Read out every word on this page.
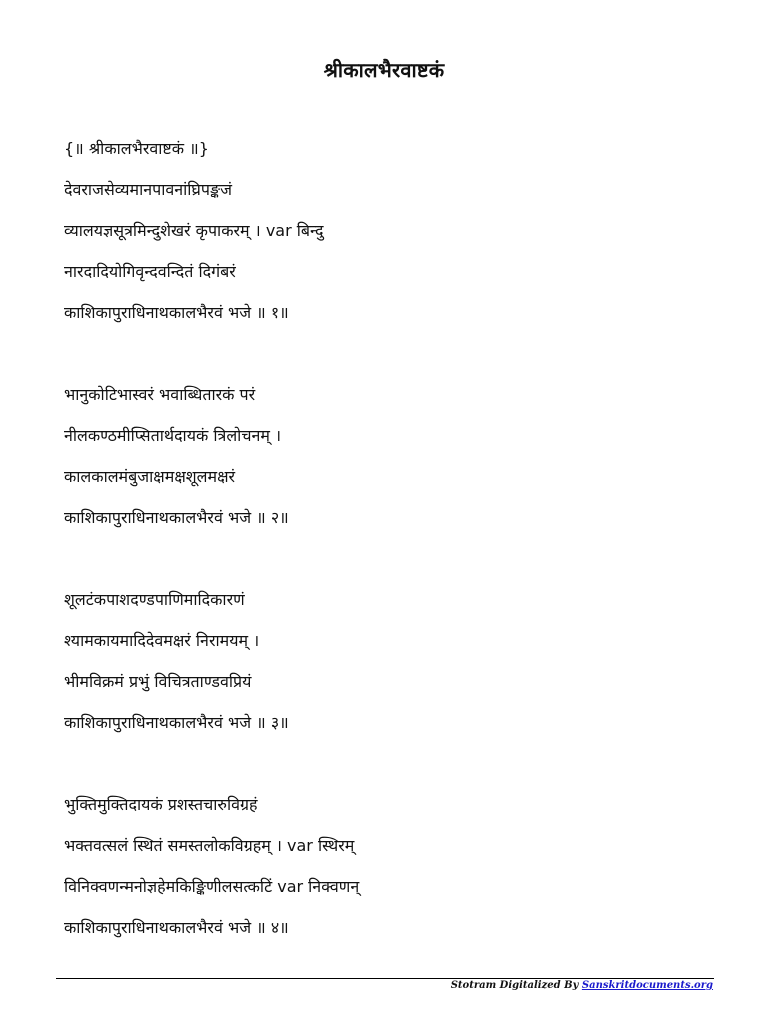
श्रीकालभैरवाष्टकं
{॥ श्रीकालभैरवाष्टकं ॥}
देवराजसेव्यमानपावनांघ्रिपङ्कजं
व्यालयज्ञसूत्रमिन्दुशेखरं कृपाकरम् । var बिन्दु
नारदादियोगिवृन्दवन्दितं दिगंबरं
काशिकापुराधिनाथकालभैरवं भजे ॥ १॥
भानुकोटिभास्वरं भवाब्धितारकं परं
नीलकण्ठमीप्सितार्थदायकं त्रिलोचनम् ।
कालकालमंबुजाक्षमक्षशूलमक्षरं
काशिकापुराधिनाथकालभैरवं भजे ॥ २॥
शूलटंकपाशदण्डपाणिमादिकारणं
श्यामकायमादिदेवमक्षरं निरामयम् ।
भीमविक्रमं प्रभुं विचित्रताण्डवप्रियं
काशिकापुराधिनाथकालभैरवं भजे ॥ ३॥
भुक्तिमुक्तिदायकं प्रशस्तचारुविग्रहं
भक्तवत्सलं स्थितं समस्तलोकविग्रहम् । var स्थिरम्
विनिक्वणन्मनोज्ञहेमकिङ्किणीलसत्कटिं var निक्वणन्
काशिकापुराधिनाथकालभैरवं भजे ॥ ४॥
Stotram Digitalized By Sanskritdocuments.org
